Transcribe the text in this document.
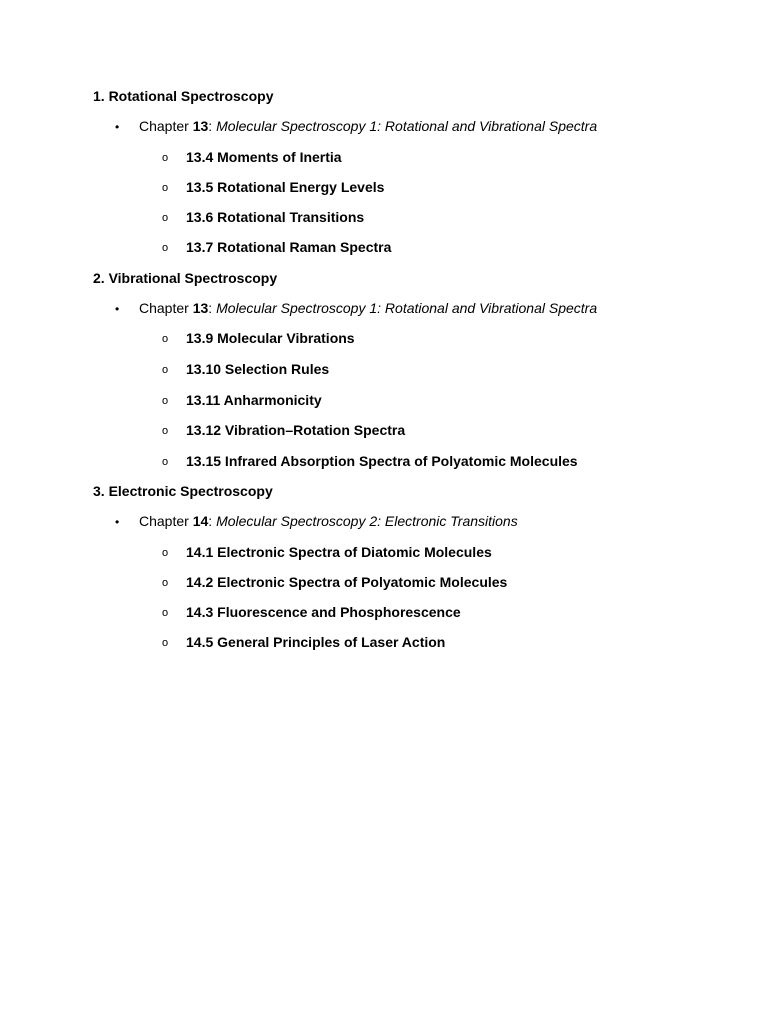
1. Rotational Spectroscopy
• Chapter 13: Molecular Spectroscopy 1: Rotational and Vibrational Spectra
o 13.4 Moments of Inertia
o 13.5 Rotational Energy Levels
o 13.6 Rotational Transitions
o 13.7 Rotational Raman Spectra
2. Vibrational Spectroscopy
• Chapter 13: Molecular Spectroscopy 1: Rotational and Vibrational Spectra
o 13.9 Molecular Vibrations
o 13.10 Selection Rules
o 13.11 Anharmonicity
o 13.12 Vibration–Rotation Spectra
o 13.15 Infrared Absorption Spectra of Polyatomic Molecules
3. Electronic Spectroscopy
• Chapter 14: Molecular Spectroscopy 2: Electronic Transitions
o 14.1 Electronic Spectra of Diatomic Molecules
o 14.2 Electronic Spectra of Polyatomic Molecules
o 14.3 Fluorescence and Phosphorescence
o 14.5 General Principles of Laser Action
